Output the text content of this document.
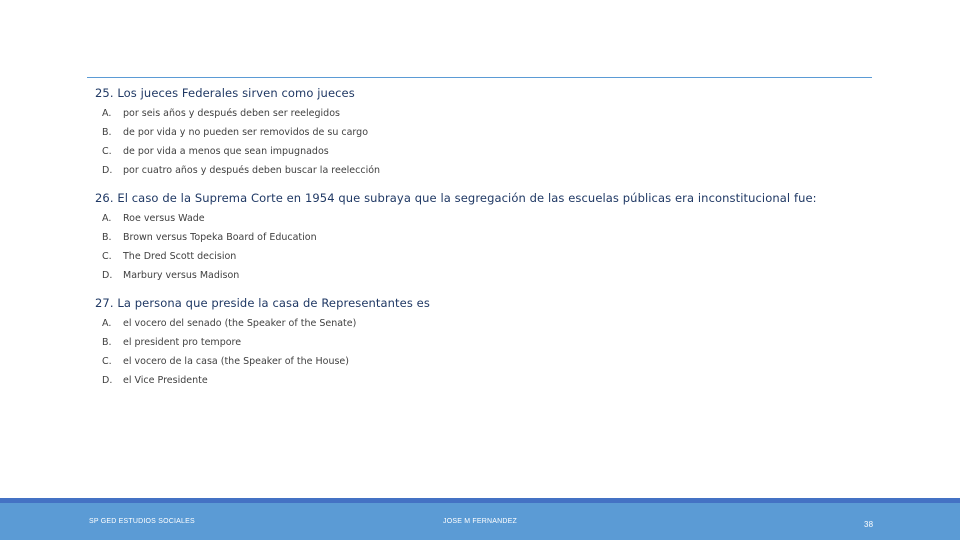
25. Los jueces Federales sirven como jueces

A.	por seis años y después deben ser reelegidos
B.	de por vida y no pueden ser removidos de su cargo
C.	de por vida a menos que sean impugnados
D.	por cuatro años y después deben buscar la reelección

26. El caso de la Suprema Corte en 1954 que subraya que la segregación de las escuelas públicas era inconstitucional fue:

A.	Roe versus Wade
B.	Brown versus Topeka Board of Education
C.	The Dred Scott decision
D.	Marbury versus Madison

27. La persona que preside la casa de Representantes es

A.	el vocero del senado (the Speaker of the Senate)
B.	el president pro tempore
C.	el vocero de la casa (the Speaker of the House)
D.	el Vice Presidente
SP GED ESTUDIOS SOCIALES	JOSE M FERNANDEZ	38
